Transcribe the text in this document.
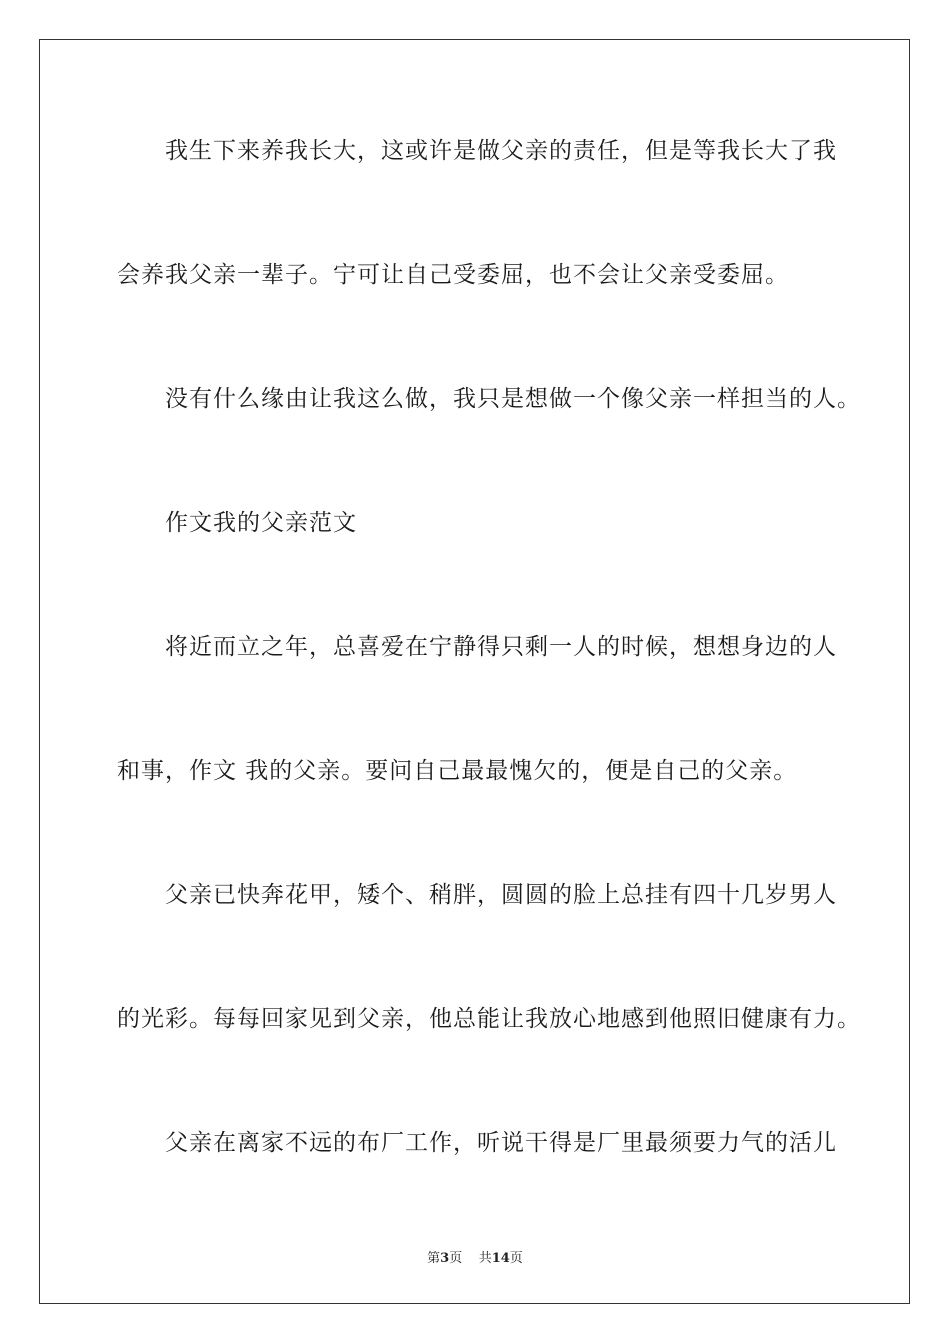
我生下来养我长大，这或许是做父亲的责任，但是等我长大了我
会养我父亲一辈子。宁可让自己受委屈，也不会让父亲受委屈。
没有什么缘由让我这么做，我只是想做一个像父亲一样担当的人。
作文我的父亲范文
将近而立之年，总喜爱在宁静得只剩一人的时候，想想身边的人
和事，作文 我的父亲。要问自己最最愧欠的，便是自己的父亲。
父亲已快奔花甲，矮个、稍胖，圆圆的脸上总挂有四十几岁男人
的光彩。每每回家见到父亲，他总能让我放心地感到他照旧健康有力。
父亲在离家不远的布厂工作，听说干得是厂里最须要力气的活儿
第3页 共14页
